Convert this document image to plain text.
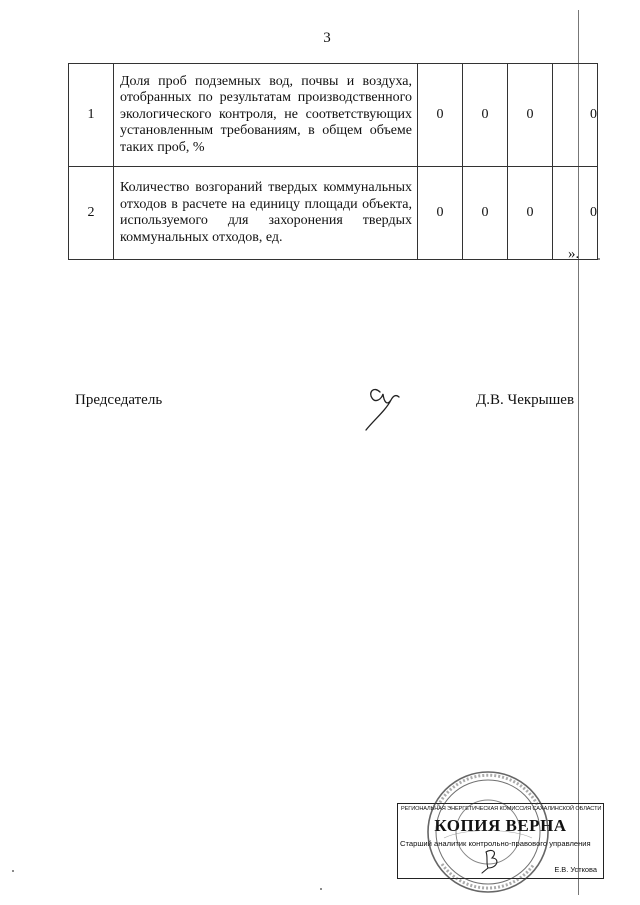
3
1	Доля проб подземных вод, почвы и воздуха, отобранных по результатам производственного экологического контроля, не соответствующих установленным требованиям, в общем объеме таких проб, %	0	0	0	0
2	Количество возгораний твердых коммунальных отходов в расчете на единицу площади объекта, используемого для захоронения твердых коммунальных отходов, ед.	0	0	0	0
».
Председатель	Д.В. Чекрышев
РЕГИОНАЛЬНАЯ ЭНЕРГЕТИЧЕСКАЯ КОМИССИЯ САХАЛИНСКОЙ ОБЛАСТИ
КОПИЯ ВЕРНА
Старший аналитик контрольно-правового управления
Е.В. Усткова
